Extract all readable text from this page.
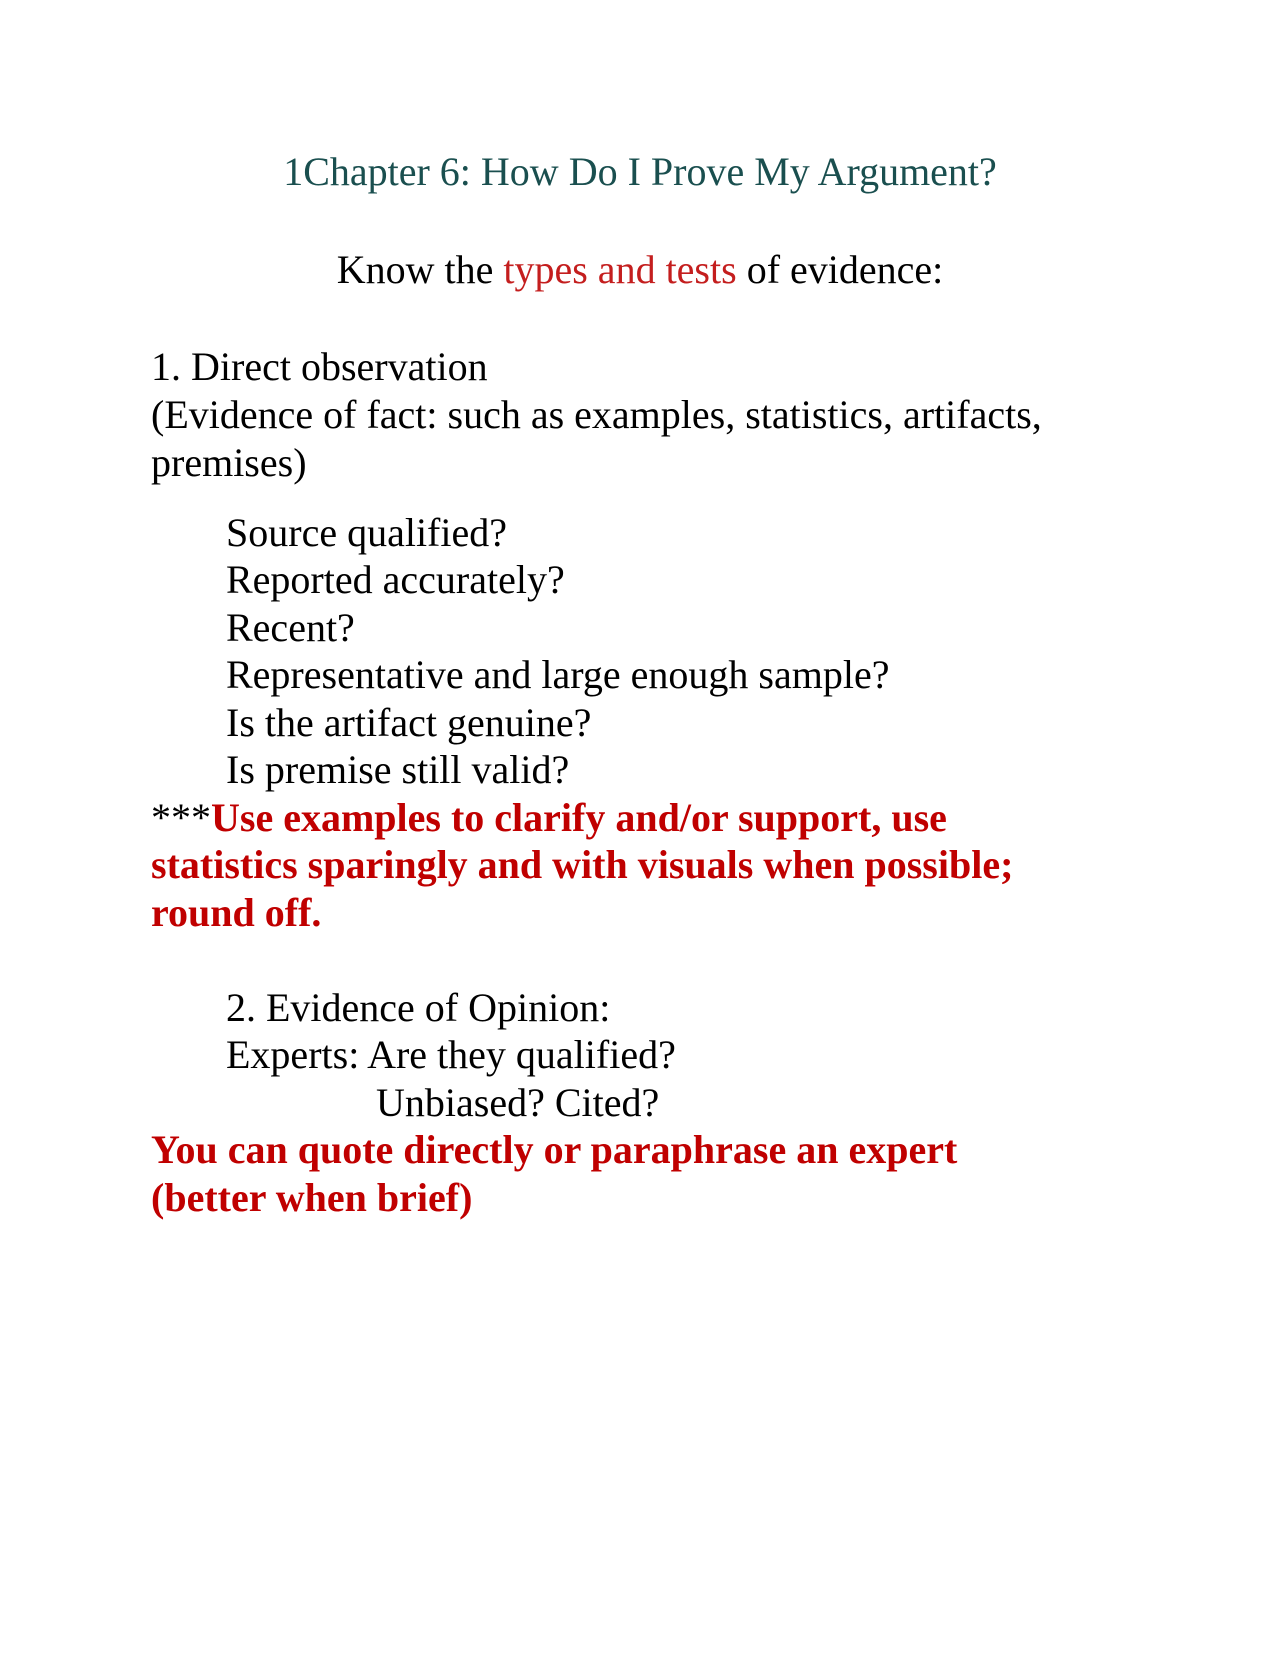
1Chapter 6: How Do I Prove My Argument?
Know the types and tests of evidence:
1. Direct observation
(Evidence of fact: such as examples, statistics, artifacts,
premises)
Source qualified?
Reported accurately?
Recent?
Representative and large enough sample?
Is the artifact genuine?
Is premise still valid?
***Use examples to clarify and/or support, use
statistics sparingly and with visuals when possible;
round off.
2. Evidence of Opinion:
Experts: Are they qualified?
Unbiased? Cited?
You can quote directly or paraphrase an expert
(better when brief)
